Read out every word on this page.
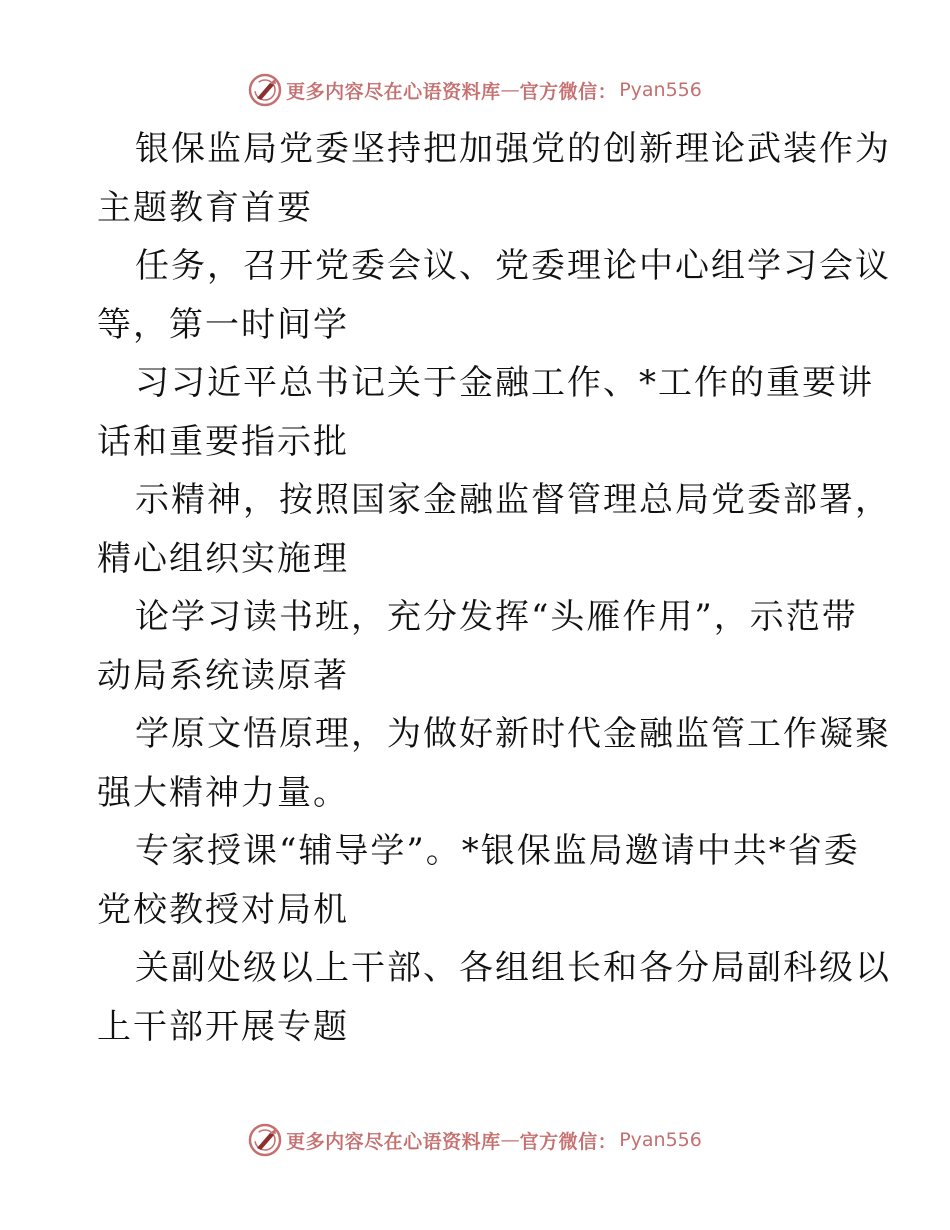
更多内容尽在心语资料库 — 官方微信： Pyan556
银保监局党委坚持把加强党的创新理论武装作为
主题教育首要
任务，召开党委会议、党委理论中心组学习会议
等，第一时间学
习习近平总书记关于金融工作、*工作的重要讲
话和重要指示批
示精神，按照国家金融监督管理总局党委部署，
精心组织实施理
论学习读书班，充分发挥“头雁作用”，示范带
动局系统读原著
学原文悟原理，为做好新时代金融监管工作凝聚
强大精神力量。
专家授课“辅导学”。*银保监局邀请中共*省委
党校教授对局机
关副处级以上干部、各组组长和各分局副科级以
上干部开展专题
更多内容尽在心语资料库 — 官方微信： Pyan556
